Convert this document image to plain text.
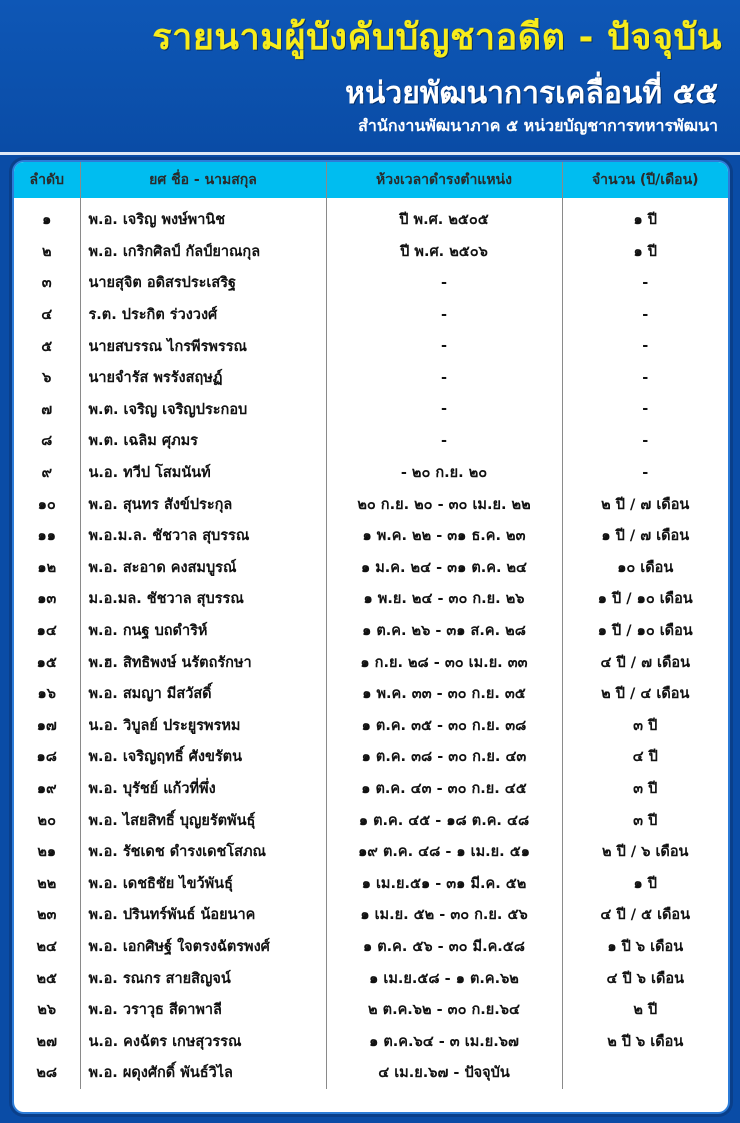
รายนามผู้บังคับบัญชาอดีต - ปัจจุบัน
หน่วยพัฒนาการเคลื่อนที่ ๕๕
สำนักงานพัฒนาภาค ๕ หน่วยบัญชาการทหารพัฒนา
ลำดับ	ยศ ชื่อ - นามสกุล	ห้วงเวลาดำรงตำแหน่ง	จำนวน (ปี/เดือน)
๑	พ.อ. เจริญ พงษ์พานิช	ปี พ.ศ. ๒๕๐๕	๑ ปี
๒	พ.อ. เกริกศิลป์ กัลป์ยาณกุล	ปี พ.ศ. ๒๕๐๖	๑ ปี
๓	นายสุจิต อดิสรประเสริฐ	-	-
๔	ร.ต. ประกิต ร่วงวงศ์	-	-
๕	นายสบรรณ ไกรพีรพรรณ	-	-
๖	นายจำรัส พรรังสฤษฏ์	-	-
๗	พ.ต. เจริญ เจริญประกอบ	-	-
๘	พ.ต. เฉลิม ศุภมร	-	-
๙	น.อ. ทวีป โสมนันท์	- ๒๐ ก.ย. ๒๐	-
๑๐	พ.อ. สุนทร สังข์ประกุล	๒๐ ก.ย. ๒๐ - ๓๐ เม.ย. ๒๒	๒ ปี / ๗ เดือน
๑๑	พ.อ.ม.ล. ชัชวาล สุบรรณ	๑ พ.ค. ๒๒ - ๓๑ ธ.ค. ๒๓	๑ ปี / ๗ เดือน
๑๒	พ.อ. สะอาด คงสมบูรณ์	๑ ม.ค. ๒๔ - ๓๑ ต.ค. ๒๔	๑๐ เดือน
๑๓	ม.อ.มล. ชัชวาล สุบรรณ	๑ พ.ย. ๒๔ - ๓๐ ก.ย. ๒๖	๑ ปี / ๑๐ เดือน
๑๔	พ.อ. กนฐ บถดำริห์	๑ ต.ค. ๒๖ - ๓๑ ส.ค. ๒๘	๑ ปี / ๑๐ เดือน
๑๕	พ.ฮ. สิทธิพงษ์ นรัตถรักษา	๑ ก.ย. ๒๘ - ๓๐ เม.ย. ๓๓	๔ ปี / ๗ เดือน
๑๖	พ.อ. สมญา มีสวัสดิ์	๑ พ.ค. ๓๓ - ๓๐ ก.ย. ๓๕	๒ ปี / ๔ เดือน
๑๗	น.อ. วิบูลย์ ประยูรพรหม	๑ ต.ค. ๓๕ - ๓๐ ก.ย. ๓๘	๓ ปี
๑๘	พ.อ. เจริญฤทธิ์ ศังขรัตน	๑ ต.ค. ๓๘ - ๓๐ ก.ย. ๔๓	๔ ปี
๑๙	พ.อ. บุรัชย์ แก้วที่พึ่ง	๑ ต.ค. ๔๓ - ๓๐ ก.ย. ๔๕	๓ ปี
๒๐	พ.อ. ไสยสิทธิ์ บุญยรัตพันธุ์	๑ ต.ค. ๔๕ - ๑๘ ต.ค. ๔๘	๓ ปี
๒๑	พ.อ. รัชเดช ดำรงเดชโสภณ	๑๙ ต.ค. ๔๘ - ๑ เม.ย. ๕๑	๒ ปี / ๖ เดือน
๒๒	พ.อ. เดชธิชัย ไขว้พันธุ์	๑ เม.ย.๕๑ - ๓๑ มี.ค. ๕๒	๑ ปี
๒๓	พ.อ. ปรินทร์พันธ์ น้อยนาค	๑ เม.ย. ๕๒ - ๓๐ ก.ย. ๕๖	๔ ปี / ๕ เดือน
๒๔	พ.อ. เอกศิษฐ์ ใจตรงฉัตรพงศ์	๑ ต.ค. ๕๖ - ๓๐ มี.ค.๕๘	๑ ปี ๖ เดือน
๒๕	พ.อ. รณกร สายสิญจน์	๑ เม.ย.๕๘ - ๑ ต.ค.๖๒	๔ ปี ๖ เดือน
๒๖	พ.อ. วราวุธ สีดาพาลี	๒ ต.ค.๖๒ - ๓๐ ก.ย.๖๔	๒ ปี
๒๗	น.อ. คงฉัตร เกษสุวรรณ	๑ ต.ค.๖๔ - ๓ เม.ย.๖๗	๒ ปี ๖ เดือน
๒๘	พ.อ. ผดุงศักดิ์ พันธ์วิไล	๔ เม.ย.๖๗ - ปัจจุบัน	
